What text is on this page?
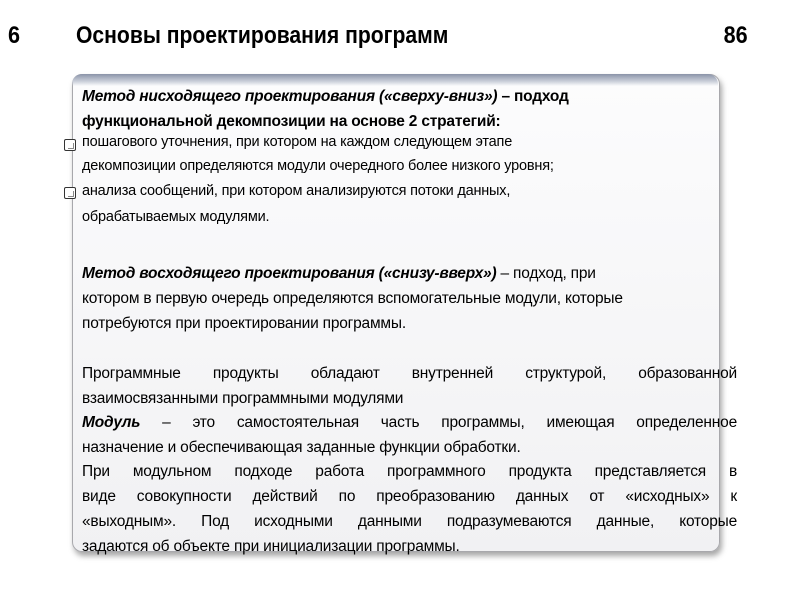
6 Основы проектирования программ	86
Метод нисходящего проектирования («сверху-вниз») – подход
функциональной декомпозиции на основе 2 стратегий:
пошагового уточнения, при котором на каждом следующем этапе
декомпозиции определяются модули очередного более низкого уровня;
анализа сообщений, при котором анализируются потоки данных,
обрабатываемых модулями.
Метод восходящего проектирования («снизу-вверх») – подход, при
котором в первую очередь определяются вспомогательные модули, которые
потребуются при проектировании программы.
Программные продукты обладают внутренней структурой, образованной
взаимосвязанными программными модулями
Модуль – это самостоятельная часть программы, имеющая определенное
назначение и обеспечивающая заданные функции обработки.
При модульном подходе работа программного продукта представляется в
виде совокупности действий по преобразованию данных от «исходных» к
«выходным». Под исходными данными подразумеваются данные, которые
задаются об объекте при инициализации программы.
